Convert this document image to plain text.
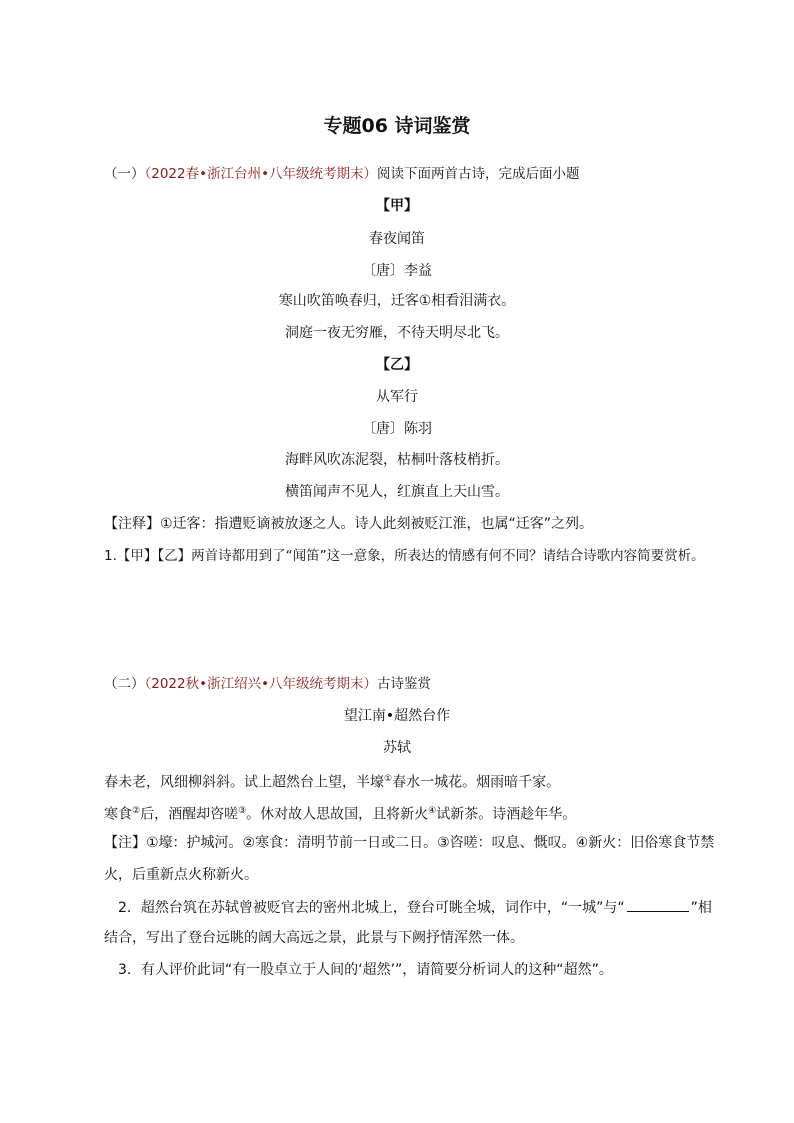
专题06 诗词鉴赏
（一）（2022春•浙江台州•八年级统考期末）阅读下面两首古诗，完成后面小题
【甲】
春夜闻笛
〔唐〕李益
寒山吹笛唤春归，迁客①相看泪满衣。
洞庭一夜无穷雁，不待天明尽北飞。
【乙】
从军行
〔唐〕陈羽
海畔风吹冻泥裂，枯桐叶落枝梢折。
横笛闻声不见人，红旗直上天山雪。
【注释】①迁客：指遭贬谪被放逐之人。诗人此刻被贬江淮，也属“迁客”之列。
1.【甲】【乙】两首诗都用到了“闻笛”这一意象，所表达的情感有何不同？请结合诗歌内容简要赏析。
（二）（2022秋•浙江绍兴•八年级统考期末）古诗鉴赏
望江南•超然台作
苏轼
春未老，风细柳斜斜。试上超然台上望，半壕①春水一城花。烟雨暗千家。
寒食②后，酒醒却咨嗟③。休对故人思故国，且将新火④试新茶。诗酒趁年华。
【注】①壕：护城河。②寒食：清明节前一日或二日。③咨嗟：叹息、慨叹。④新火：旧俗寒食节禁
火，后重新点火称新火。
2．超然台筑在苏轼曾被贬官去的密州北城上，登台可眺全城，词作中，“一城”与“	”相
结合，写出了登台远眺的阔大高远之景，此景与下阙抒情浑然一体。
3．有人评价此词“有一股卓立于人间的‘超然’”，请简要分析词人的这种“超然”。
